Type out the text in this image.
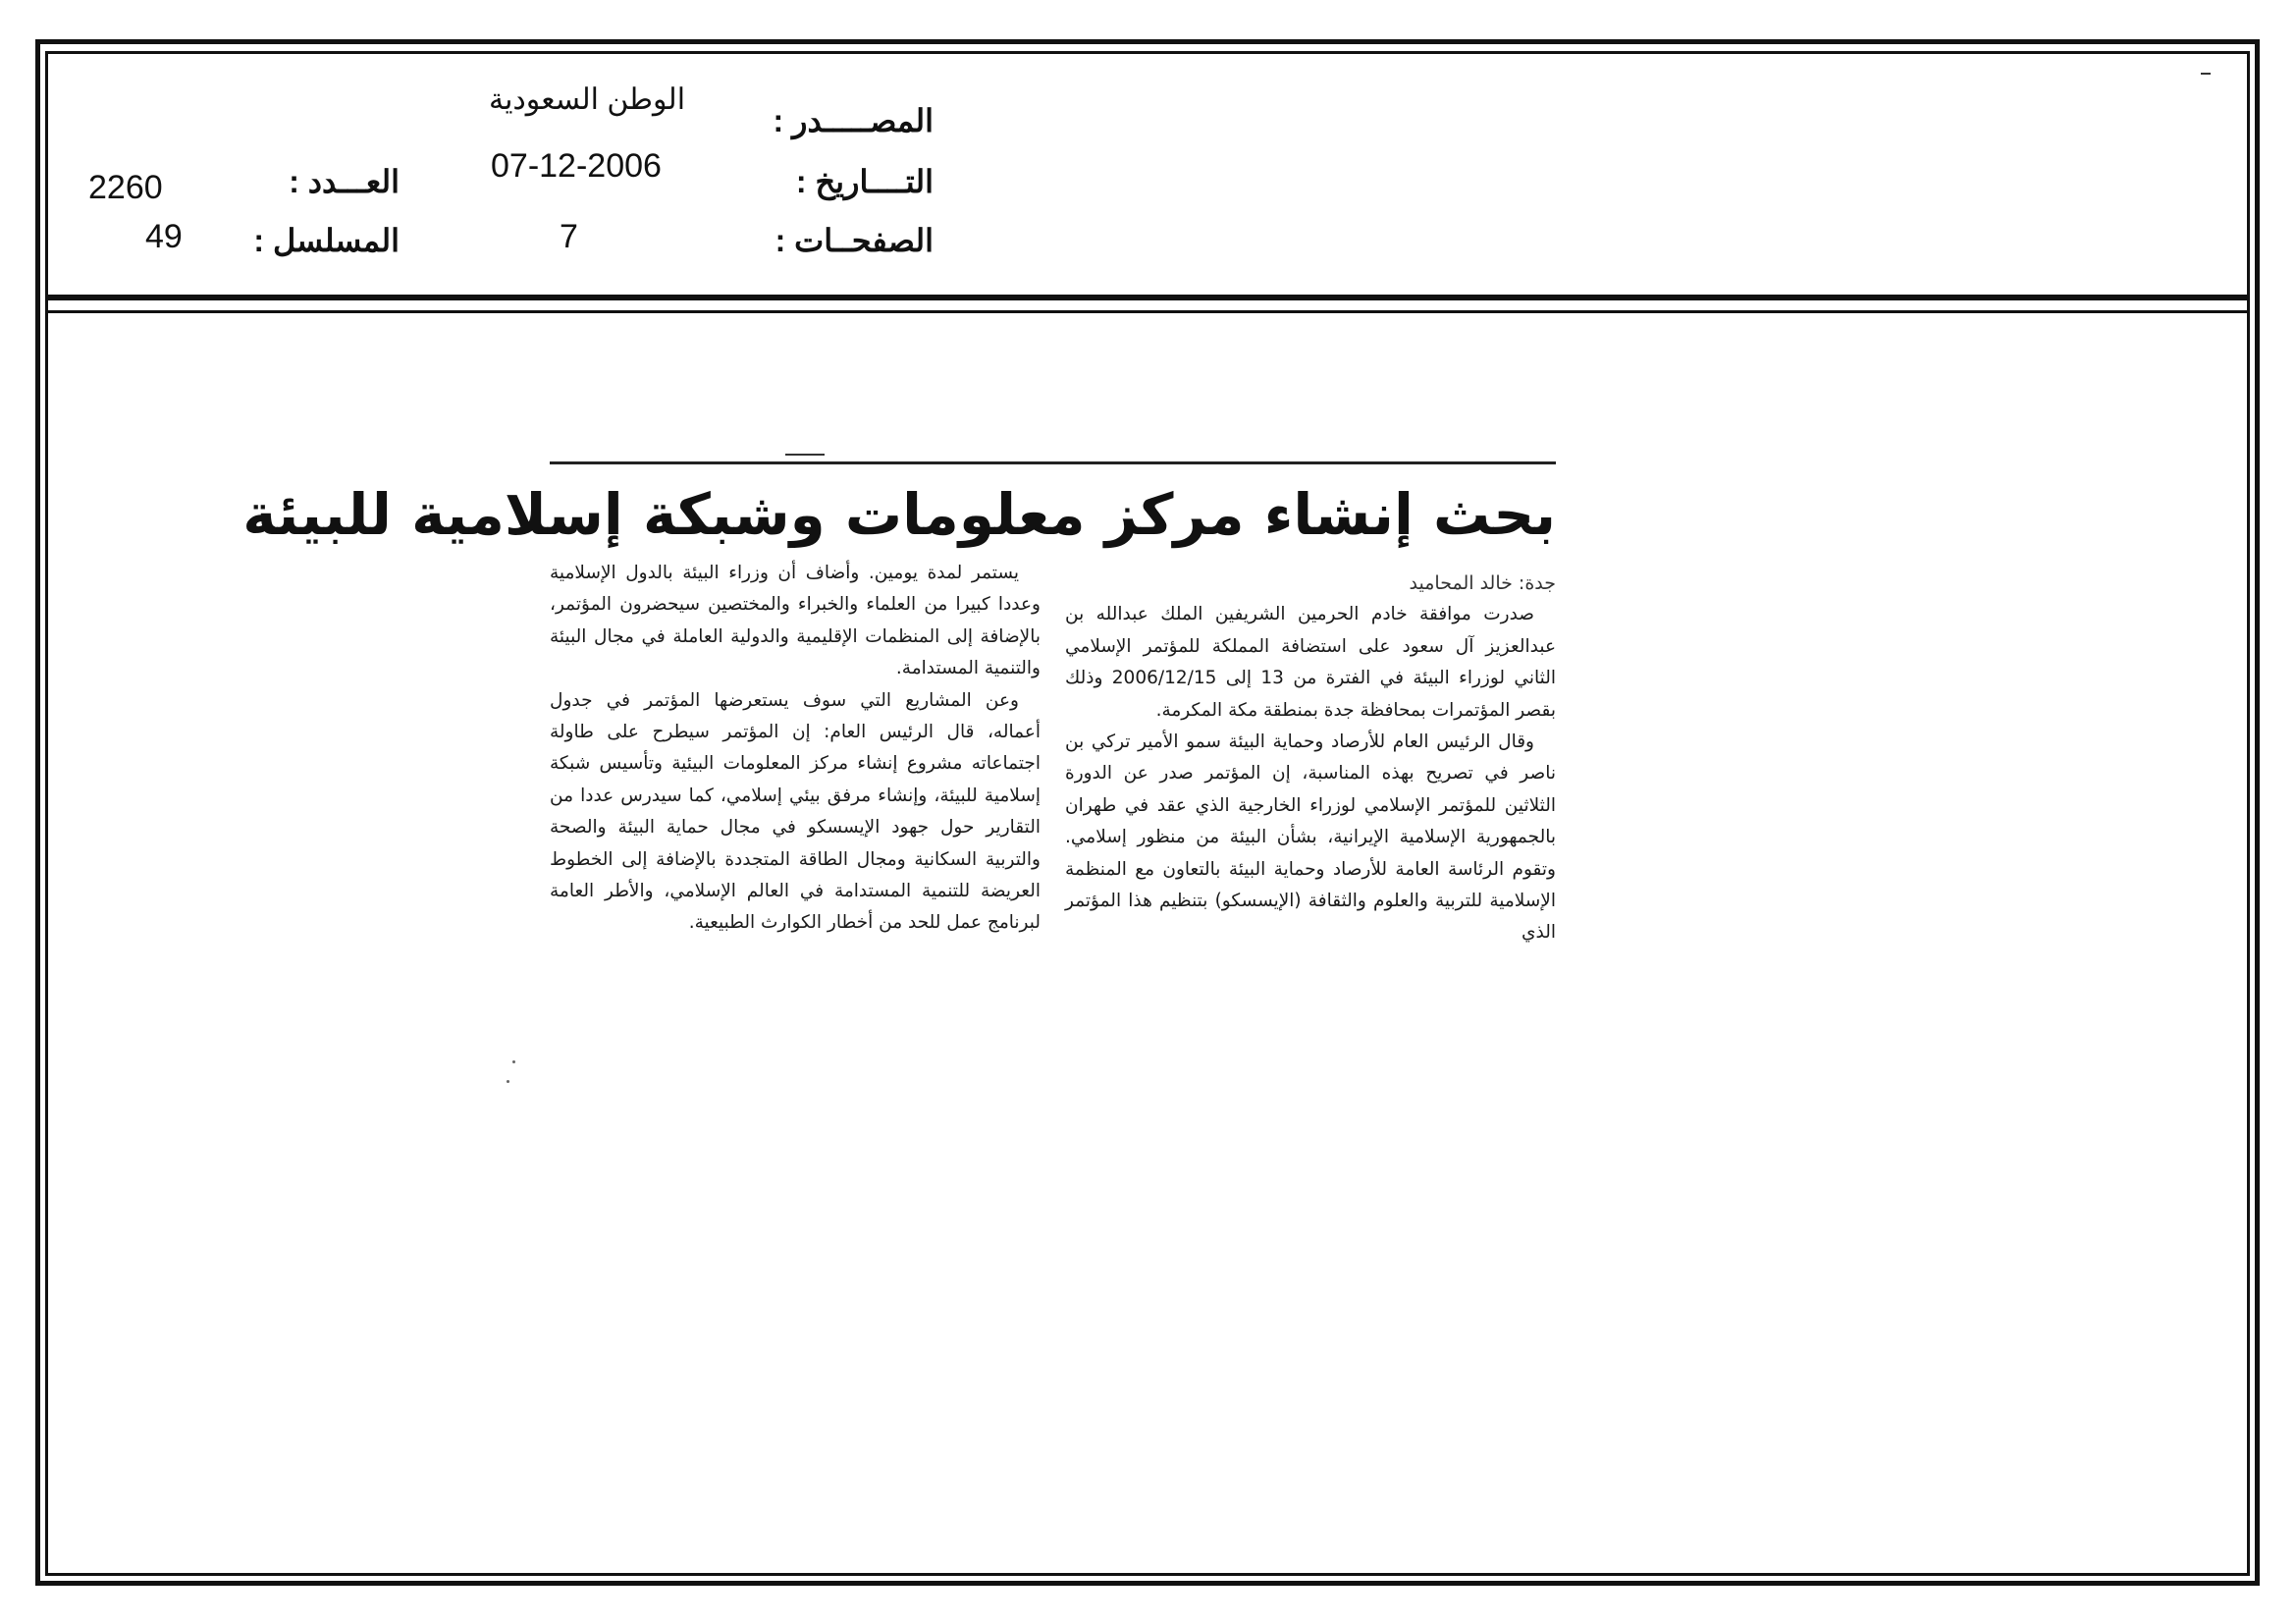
المصـــــدر :
التــــاريخ :
الصفحــات :
الوطن السعودية
07-12-2006
7
العـــدد :
المسلسل :
2260
49
بحث إنشاء مركز معلومات وشبكة إسلامية للبيئة

جدة: خالد المحاميد

صدرت موافقة خادم الحرمين الشريفين الملك عبدالله بن عبدالعزيز آل سعود على استضافة المملكة للمؤتمر الإسلامي الثاني لوزراء البيئة في الفترة من 13 إلى 2006/12/15 وذلك بقصر المؤتمرات بمحافظة جدة بمنطقة مكة المكرمة.

وقال الرئيس العام للأرصاد وحماية البيئة سمو الأمير تركي بن ناصر في تصريح بهذه المناسبة، إن المؤتمر صدر عن الدورة الثلاثين للمؤتمر الإسلامي لوزراء الخارجية الذي عقد في طهران بالجمهورية الإسلامية الإيرانية، بشأن البيئة من منظور إسلامي. وتقوم الرئاسة العامة للأرصاد وحماية البيئة بالتعاون مع المنظمة الإسلامية للتربية والعلوم والثقافة (الإيسسكو) بتنظيم هذا المؤتمر الذي

يستمر لمدة يومين. وأضاف أن وزراء البيئة بالدول الإسلامية وعددا كبيرا من العلماء والخبراء والمختصين سيحضرون المؤتمر، بالإضافة إلى المنظمات الإقليمية والدولية العاملة في مجال البيئة والتنمية المستدامة.

وعن المشاريع التي سوف يستعرضها المؤتمر في جدول أعماله، قال الرئيس العام: إن المؤتمر سيطرح على طاولة اجتماعاته مشروع إنشاء مركز المعلومات البيئية وتأسيس شبكة إسلامية للبيئة، وإنشاء مرفق بيئي إسلامي، كما سيدرس عددا من التقارير حول جهود الإيسسكو في مجال حماية البيئة والصحة والتربية السكانية ومجال الطاقة المتجددة بالإضافة إلى الخطوط العريضة للتنمية المستدامة في العالم الإسلامي، والأطر العامة لبرنامج عمل للحد من أخطار الكوارث الطبيعية.
